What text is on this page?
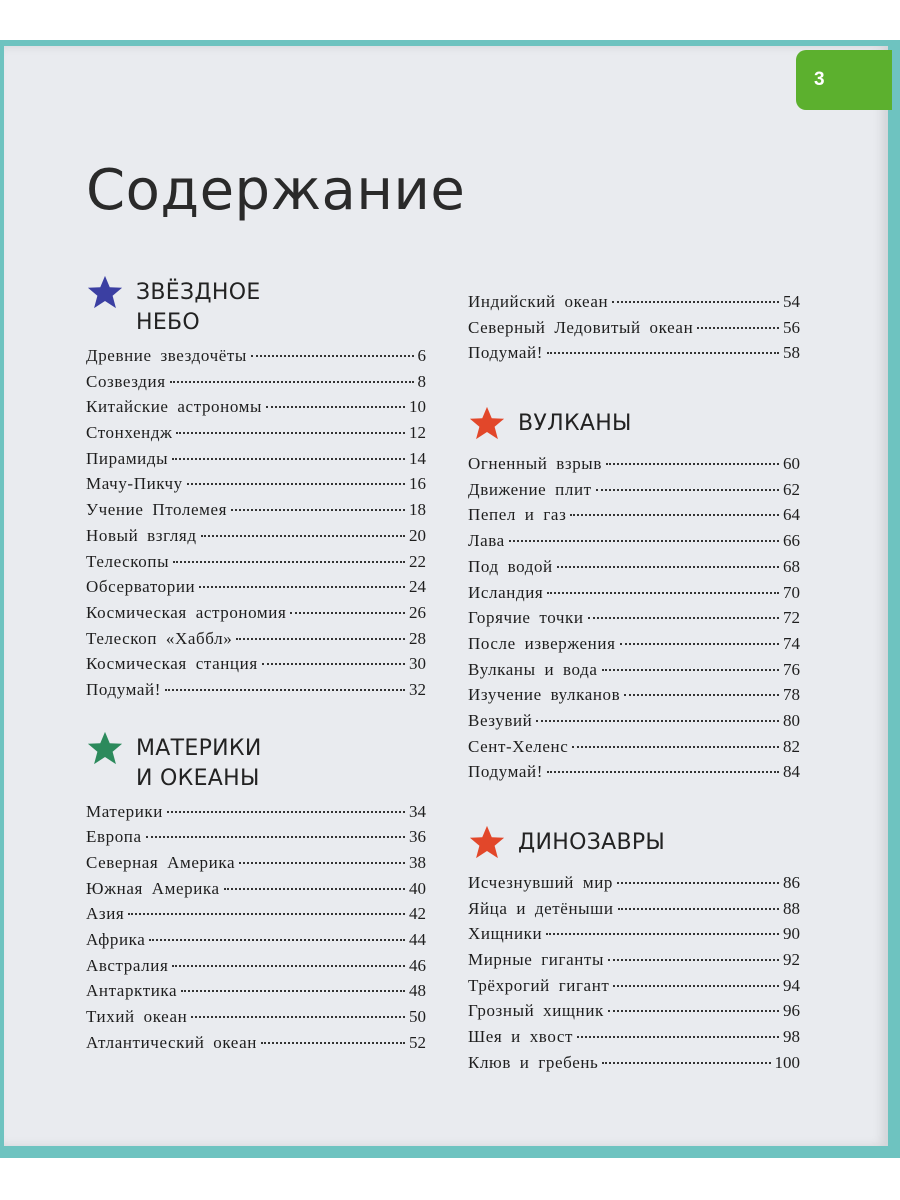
3
Содержание
ЗВЁЗДНОЕ
НЕБО
Древние звездочёты	6
Созвездия	8
Китайские астрономы	10
Стонхендж	12
Пирамиды	14
Мачу-Пикчу	16
Учение Птолемея	18
Новый взгляд	20
Телескопы	22
Обсерватории	24
Космическая астрономия	26
Телескоп «Хаббл»	28
Космическая станция	30
Подумай!	32
МАТЕРИКИ
И ОКЕАНЫ
Материки	34
Европа	36
Северная Америка	38
Южная Америка	40
Азия	42
Африка	44
Австралия	46
Антарктика	48
Тихий океан	50
Атлантический океан	52
Индийский океан	54
Северный Ледовитый океан	56
Подумай!	58
ВУЛКАНЫ
Огненный взрыв	60
Движение плит	62
Пепел и газ	64
Лава	66
Под водой	68
Исландия	70
Горячие точки	72
После извержения	74
Вулканы и вода	76
Изучение вулканов	78
Везувий	80
Сент-Хеленс	82
Подумай!	84
ДИНОЗАВРЫ
Исчезнувший мир	86
Яйца и детёныши	88
Хищники	90
Мирные гиганты	92
Трёхрогий гигант	94
Грозный хищник	96
Шея и хвост	98
Клюв и гребень	100
